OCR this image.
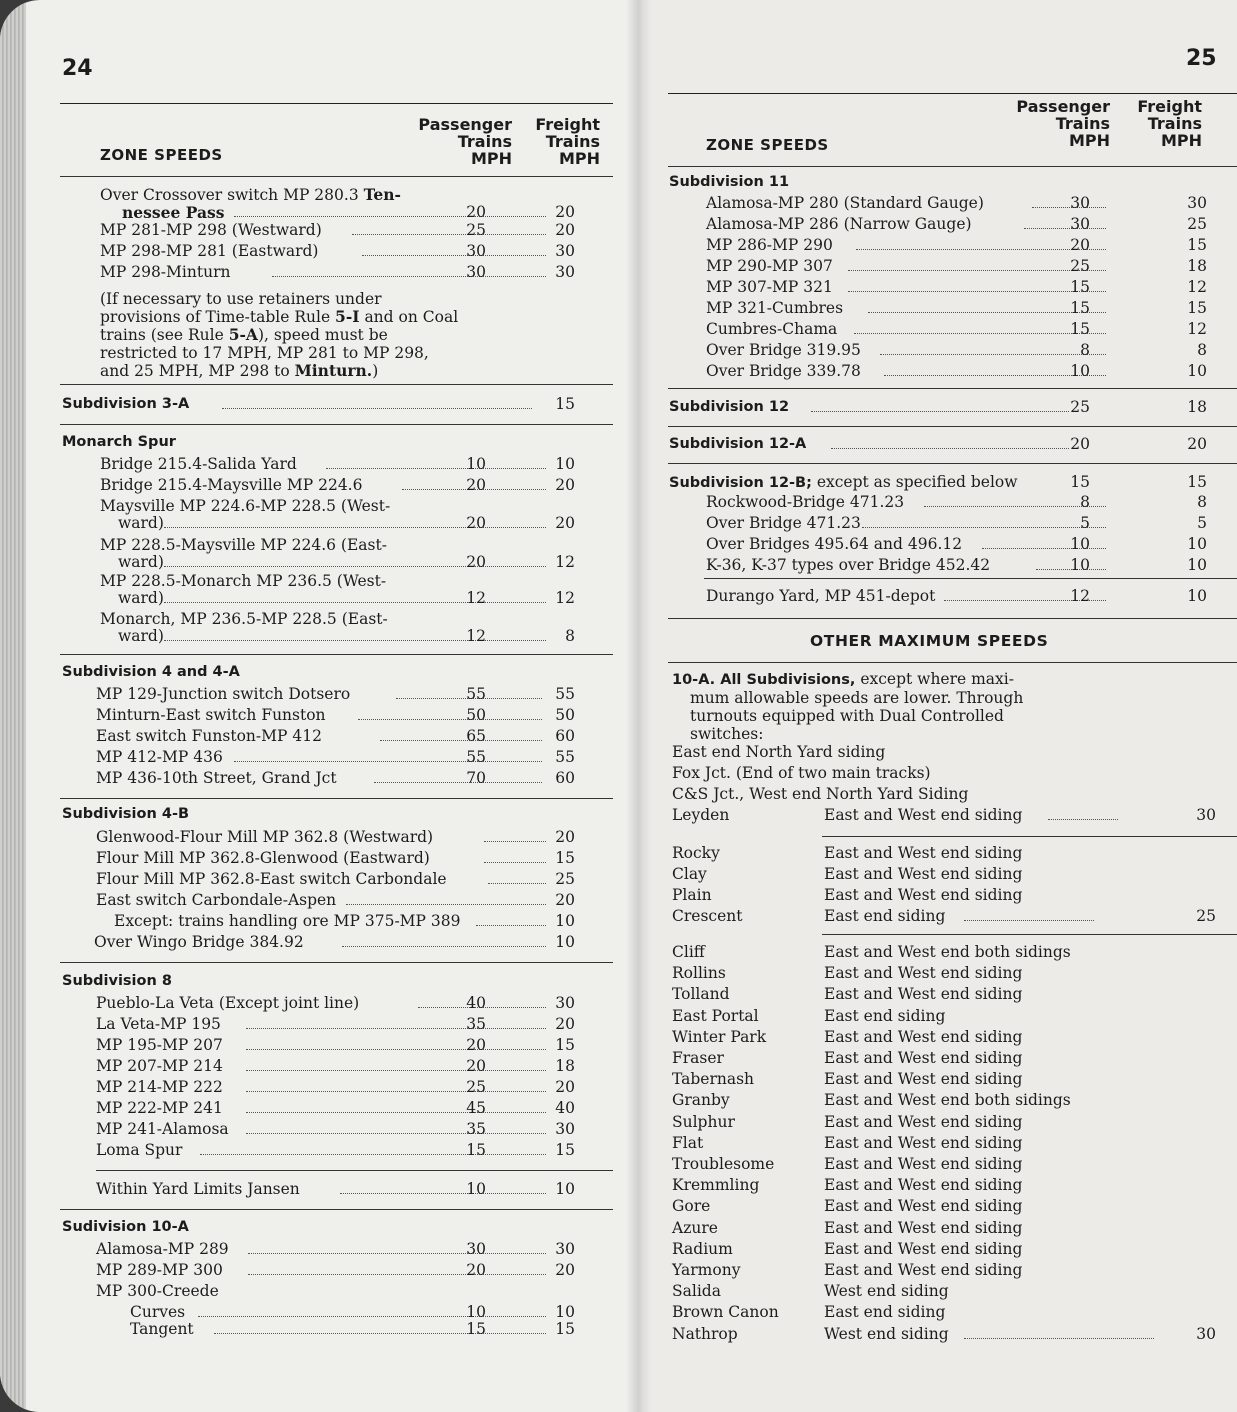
24
ZONE SPEEDS
Passenger
Trains
MPH
Freight
Trains
MPH
Over Crossover switch MP 280.3 Ten-
nessee Pass	20	20
MP 281-MP 298 (Westward)	25	20
MP 298-MP 281 (Eastward)	30	30
MP 298-Minturn	30	30
(If necessary to use retainers under provisions of Time-table Rule 5-I and on Coal trains (see Rule 5-A), speed must be restricted to 17 MPH, MP 281 to MP 298, and 25 MPH, MP 298 to Minturn.)
Subdivision 3-A	15
Monarch Spur
Bridge 215.4-Salida Yard	10	10
Bridge 215.4-Maysville MP 224.6	20	20
Maysville MP 224.6-MP 228.5 (West-
ward)	20	20
MP 228.5-Maysville MP 224.6 (East-
ward)	20	12
MP 228.5-Monarch MP 236.5 (West-
ward)	12	12
Monarch, MP 236.5-MP 228.5 (East-
ward)	12	8
Subdivision 4 and 4-A
MP 129-Junction switch Dotsero	55	55
Minturn-East switch Funston	50	50
East switch Funston-MP 412	65	60
MP 412-MP 436	55	55
MP 436-10th Street, Grand Jct	70	60
Subdivision 4-B
Glenwood-Flour Mill MP 362.8 (Westward)	20
Flour Mill MP 362.8-Glenwood (Eastward)	15
Flour Mill MP 362.8-East switch Carbondale	25
East switch Carbondale-Aspen	20
Except: trains handling ore MP 375-MP 389	10
Over Wingo Bridge 384.92	10
Subdivision 8
Pueblo-La Veta (Except joint line)	40	30
La Veta-MP 195	35	20
MP 195-MP 207	20	15
MP 207-MP 214	20	18
MP 214-MP 222	25	20
MP 222-MP 241	45	40
MP 241-Alamosa	35	30
Loma Spur	15	15
Within Yard Limits Jansen	10	10
Sudivision 10-A
Alamosa-MP 289	30	30
MP 289-MP 300	20	20
MP 300-Creede
Curves	10	10
Tangent	15	15
25
ZONE SPEEDS
Passenger
Trains
MPH
Freight
Trains
MPH
Subdivision 11
Alamosa-MP 280 (Standard Gauge)	30	30
Alamosa-MP 286 (Narrow Gauge)	30	25
MP 286-MP 290	20	15
MP 290-MP 307	25	18
MP 307-MP 321	15	12
MP 321-Cumbres	15	15
Cumbres-Chama	15	12
Over Bridge 319.95	8	8
Over Bridge 339.78	10	10
Subdivision 12	25	18
Subdivision 12-A	20	20
Subdivision 12-B; except as specified below	15	15
Rockwood-Bridge 471.23	8	8
Over Bridge 471.23	5	5
Over Bridges 495.64 and 496.12	10	10
K-36, K-37 types over Bridge 452.42	10	10
Durango Yard, MP 451-depot	12	10
OTHER MAXIMUM SPEEDS
10-A. All Subdivisions, except where maxi-
mum allowable speeds are lower. Through
turnouts equipped with Dual Controlled
switches:
East end North Yard siding
Fox Jct. (End of two main tracks)
C&S Jct., West end North Yard Siding
Leyden	East and West end siding	30
Rocky	East and West end siding
Clay	East and West end siding
Plain	East and West end siding
Crescent	East end siding	25
Cliff	East and West end both sidings
Rollins	East and West end siding
Tolland	East and West end siding
East Portal	East end siding
Winter Park	East and West end siding
Fraser	East and West end siding
Tabernash	East and West end siding
Granby	East and West end both sidings
Sulphur	East and West end siding
Flat	East and West end siding
Troublesome	East and West end siding
Kremmling	East and West end siding
Gore	East and West end siding
Azure	East and West end siding
Radium	East and West end siding
Yarmony	East and West end siding
Salida	West end siding
Brown Canon	East end siding
Nathrop	West end siding	30
